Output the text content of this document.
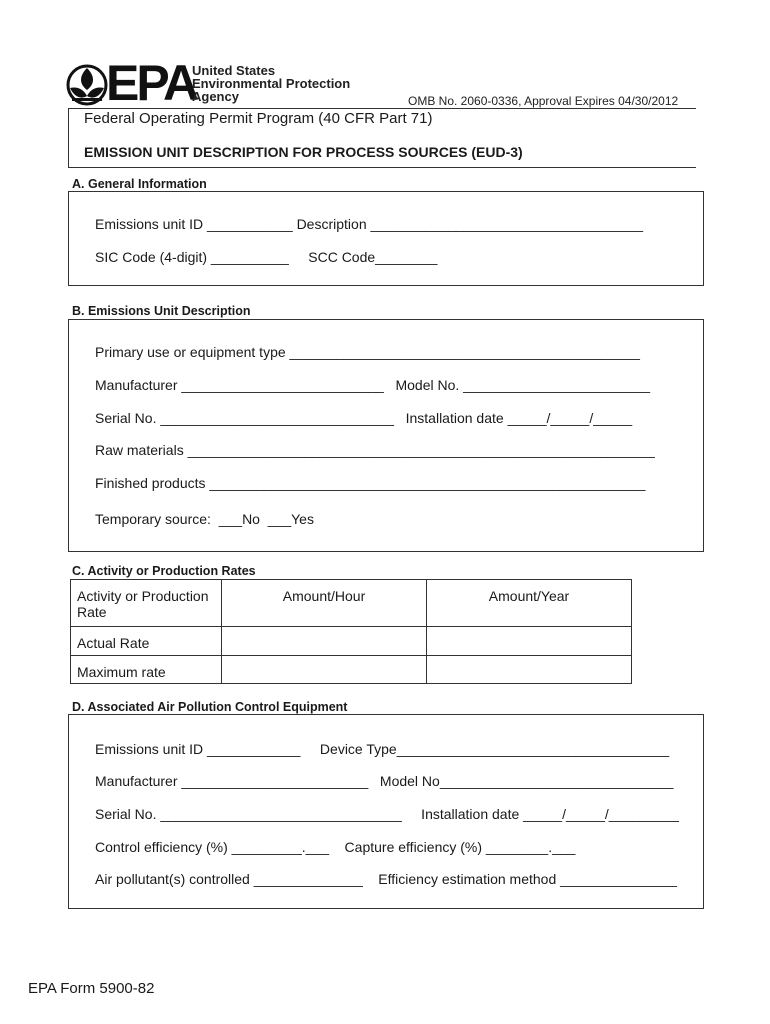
EPA
United States
Environmental Protection
Agency	OMB No. 2060-0336, Approval Expires 04/30/2012
Federal Operating Permit Program (40 CFR Part 71)
EMISSION UNIT DESCRIPTION FOR PROCESS SOURCES (EUD-3)
A. General Information
Emissions unit ID ___________ Description ___________________________________
SIC Code (4-digit) __________     SCC Code________
B. Emissions Unit Description
Primary use or equipment type _____________________________________________
Manufacturer __________________________   Model No. ________________________
Serial No. ______________________________   Installation date _____/_____/_____
Raw materials ____________________________________________________________
Finished products ________________________________________________________
Temporary source:  ___No  ___Yes
C. Activity or Production Rates
Activity or Production Rate	Amount/Hour	Amount/Year
Actual Rate		
Maximum rate		
D. Associated Air Pollution Control Equipment
Emissions unit ID ____________     Device Type___________________________________
Manufacturer ________________________   Model No______________________________
Serial No. _______________________________     Installation date _____/_____/_________
Control efficiency (%) _________.___    Capture efficiency (%) ________.___
Air pollutant(s) controlled ______________    Efficiency estimation method _______________
EPA Form 5900-82
